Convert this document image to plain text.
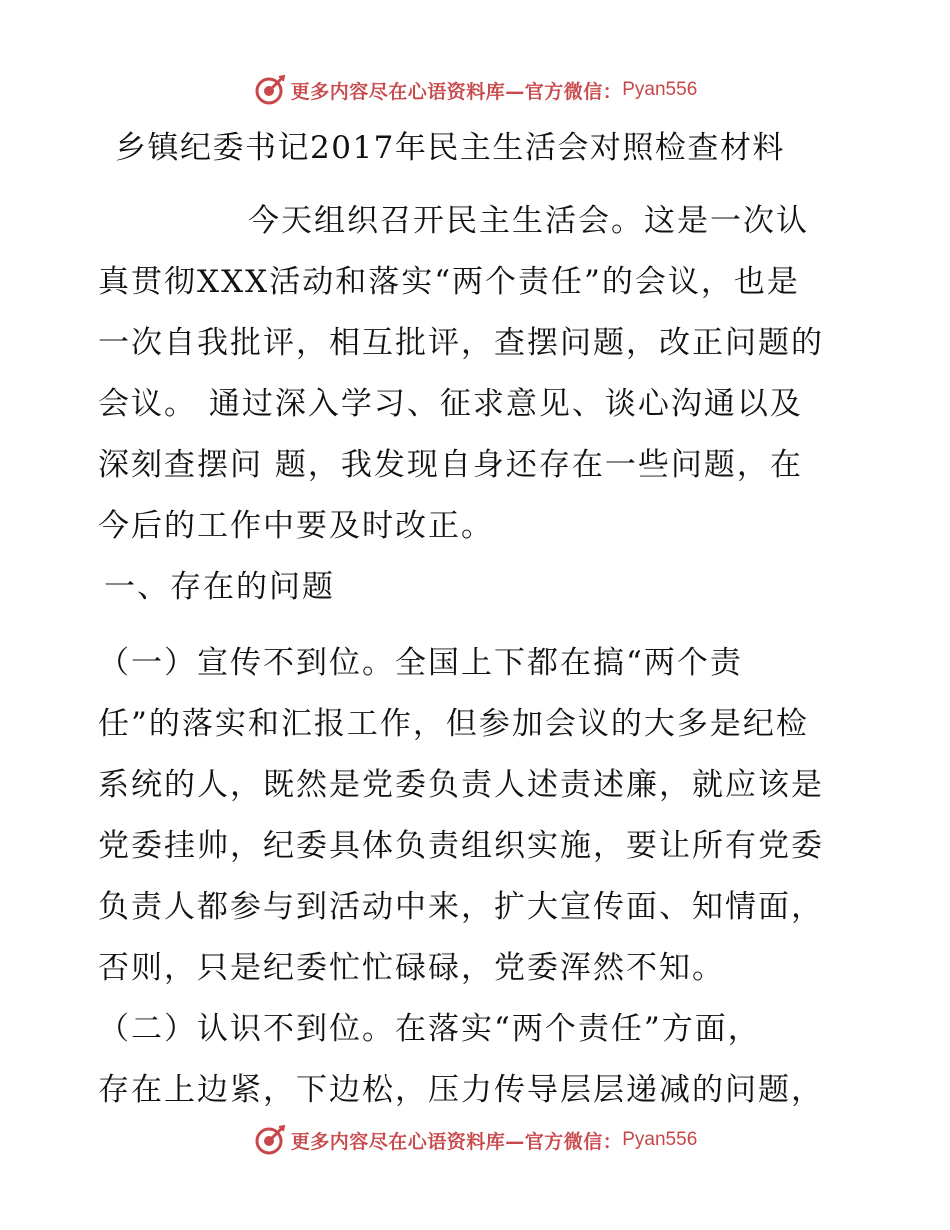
更多内容尽在心语资料库—官方微信： Pyan556
乡镇纪委书记2017年民主生活会对照检查材料
今天组织召开民主生活会。这是一次认
真贯彻XXX活动和落实“两个责任”的会议，也是
一次自我批评，相互批评，查摆问题，改正问题的
会议。 通过深入学习、征求意见、谈心沟通以及
深刻查摆问 题，我发现自身还存在一些问题，在
今后的工作中要及时改正。
一、存在的问题
（一）宣传不到位。全国上下都在搞“两个责
任”的落实和汇报工作，但参加会议的大多是纪检
系统的人，既然是党委负责人述责述廉，就应该是
党委挂帅，纪委具体负责组织实施，要让所有党委
负责人都参与到活动中来，扩大宣传面、知情面，
否则，只是纪委忙忙碌碌，党委浑然不知。
（二）认识不到位。在落实“两个责任”方面，
存在上边紧，下边松，压力传导层层递减的问题，
更多内容尽在心语资料库—官方微信： Pyan556
